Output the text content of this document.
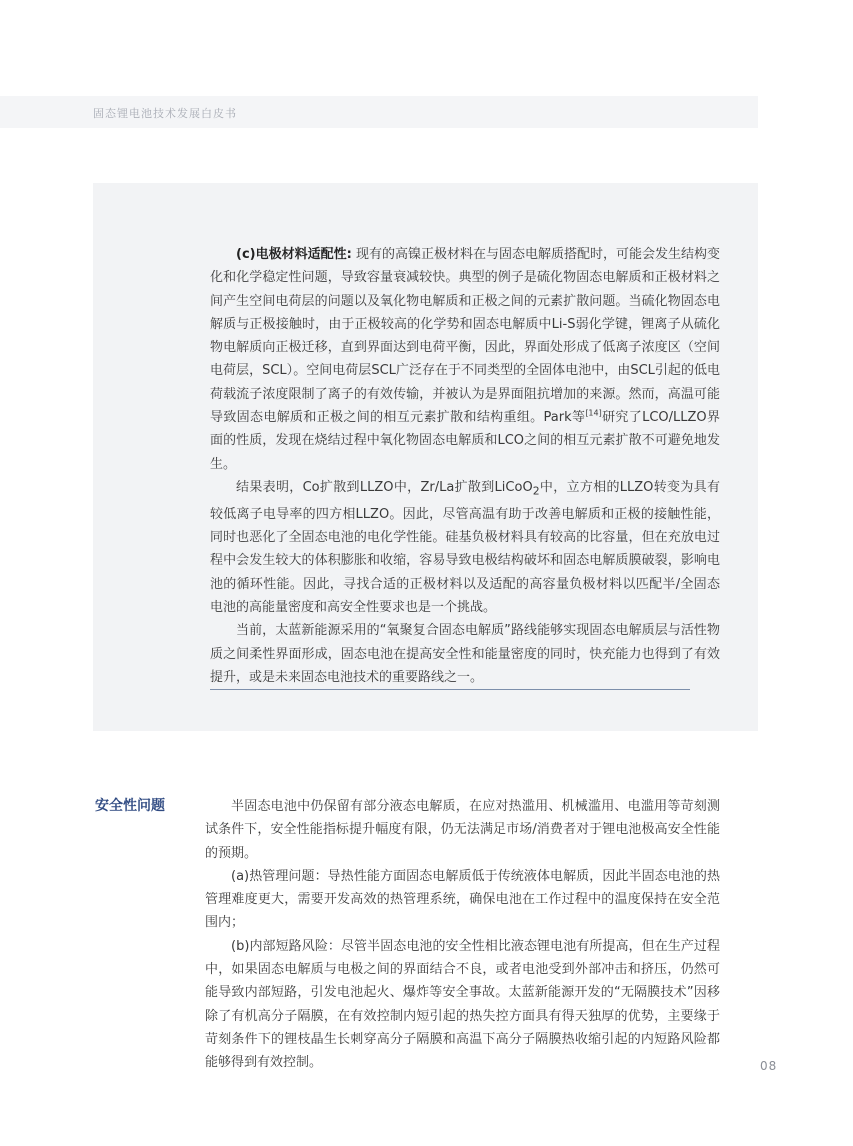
固态锂电池技术发展白皮书

(c)电极材料适配性: 现有的高镍正极材料在与固态电解质搭配时，可能会发生结构变化和化学稳定性问题，导致容量衰减较快。典型的例子是硫化物固态电解质和正极材料之间产生空间电荷层的问题以及氧化物电解质和正极之间的元素扩散问题。当硫化物固态电解质与正极接触时，由于正极较高的化学势和固态电解质中Li-S弱化学键，锂离子从硫化物电解质向正极迁移，直到界面达到电荷平衡，因此，界面处形成了低离子浓度区（空间电荷层，SCL）。空间电荷层SCL广泛存在于不同类型的全固体电池中，由SCL引起的低电荷载流子浓度限制了离子的有效传输，并被认为是界面阻抗增加的来源。然而，高温可能导致固态电解质和正极之间的相互元素扩散和结构重组。Park等[14]研究了LCO/LLZO界面的性质，发现在烧结过程中氧化物固态电解质和LCO之间的相互元素扩散不可避免地发生。

结果表明，Co扩散到LLZO中，Zr/La扩散到LiCoO$_2$中，立方相的LLZO转变为具有较低离子电导率的四方相LLZO。因此，尽管高温有助于改善电解质和正极的接触性能，同时也恶化了全固态电池的电化学性能。硅基负极材料具有较高的比容量，但在充放电过程中会发生较大的体积膨胀和收缩，容易导致电极结构破坏和固态电解质膜破裂，影响电池的循环性能。因此，寻找合适的正极材料以及适配的高容量负极材料以匹配半/全固态电池的高能量密度和高安全性要求也是一个挑战。

当前，太蓝新能源采用的“氧聚复合固态电解质”路线能够实现固态电解质层与活性物质之间柔性界面形成，固态电池在提高安全性和能量密度的同时，快充能力也得到了有效提升，或是未来固态电池技术的重要路线之一。

安全性问题	半固态电池中仍保留有部分液态电解质，在应对热滥用、机械滥用、电滥用等苛刻测试条件下，安全性能指标提升幅度有限，仍无法满足市场/消费者对于锂电池极高安全性能的预期。

(a)热管理问题：导热性能方面固态电解质低于传统液体电解质，因此半固态电池的热管理难度更大，需要开发高效的热管理系统，确保电池在工作过程中的温度保持在安全范围内；

(b)内部短路风险：尽管半固态电池的安全性相比液态锂电池有所提高，但在生产过程中，如果固态电解质与电极之间的界面结合不良，或者电池受到外部冲击和挤压，仍然可能导致内部短路，引发电池起火、爆炸等安全事故。太蓝新能源开发的“无隔膜技术”因移除了有机高分子隔膜，在有效控制内短引起的热失控方面具有得天独厚的优势，主要缘于苛刻条件下的锂枝晶生长刺穿高分子隔膜和高温下高分子隔膜热收缩引起的内短路风险都能够得到有效控制。	08
